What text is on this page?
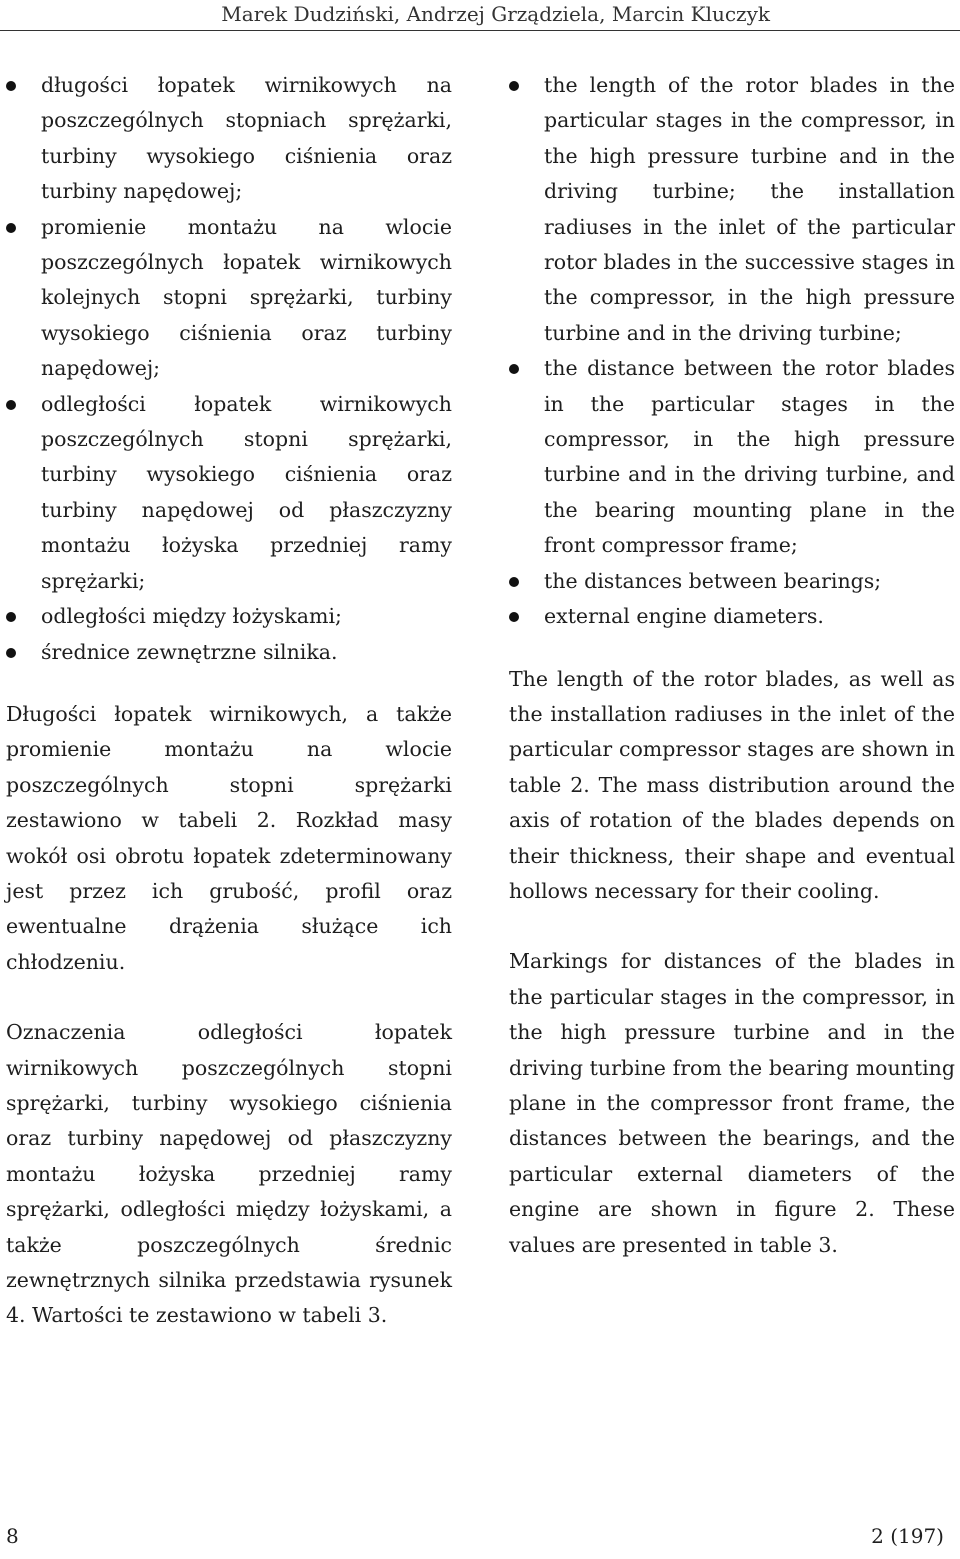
Marek Dudziński, Andrzej Grządziela, Marcin Kluczyk
długości łopatek wirnikowych na poszczególnych stopniach sprężarki, turbiny wysokiego ciśnienia oraz turbiny napędowej;
promienie montażu na wlocie poszczególnych łopatek wirnikowych kolejnych stopni sprężarki, turbiny wysokiego ciśnienia oraz turbiny napędowej;
odległości łopatek wirnikowych poszczególnych stopni sprężarki, turbiny wysokiego ciśnienia oraz turbiny napędowej od płaszczyzny montażu łożyska przedniej ramy sprężarki;
odległości między łożyskami;
średnice zewnętrzne silnika.

Długości łopatek wirnikowych, a także promienie montażu na wlocie poszczególnych stopni sprężarki zestawiono w tabeli 2. Rozkład masy wokół osi obrotu łopatek zdeterminowany jest przez ich grubość, profil oraz ewentualne drążenia służące ich chłodzeniu.

Oznaczenia odległości łopatek wirnikowych poszczególnych stopni sprężarki, turbiny wysokiego ciśnienia oraz turbiny napędowej od płaszczyzny montażu łożyska przedniej ramy sprężarki, odległości między łożyskami, a także poszczególnych średnic zewnętrznych silnika przedstawia rysunek 4. Wartości te zestawiono w tabeli 3.

the length of the rotor blades in the particular stages in the compressor, in the high pressure turbine and in the driving turbine; the installation radiuses in the inlet of the particular rotor blades in the successive stages in the compressor, in the high pressure turbine and in the driving turbine;
the distance between the rotor blades in the particular stages in the compressor, in the high pressure turbine and in the driving turbine, and the bearing mounting plane in the front compressor frame;
the distances between bearings;
external engine diameters.

The length of the rotor blades, as well as the installation radiuses in the inlet of the particular compressor stages are shown in table 2. The mass distribution around the axis of rotation of the blades depends on their thickness, their shape and eventual hollows necessary for their cooling.

Markings for distances of the blades in the particular stages in the compressor, in the high pressure turbine and in the driving turbine from the bearing mounting plane in the compressor front frame, the distances between the bearings, and the particular external diameters of the engine are shown in figure 2. These values are presented in table 3.

8	2 (197)
